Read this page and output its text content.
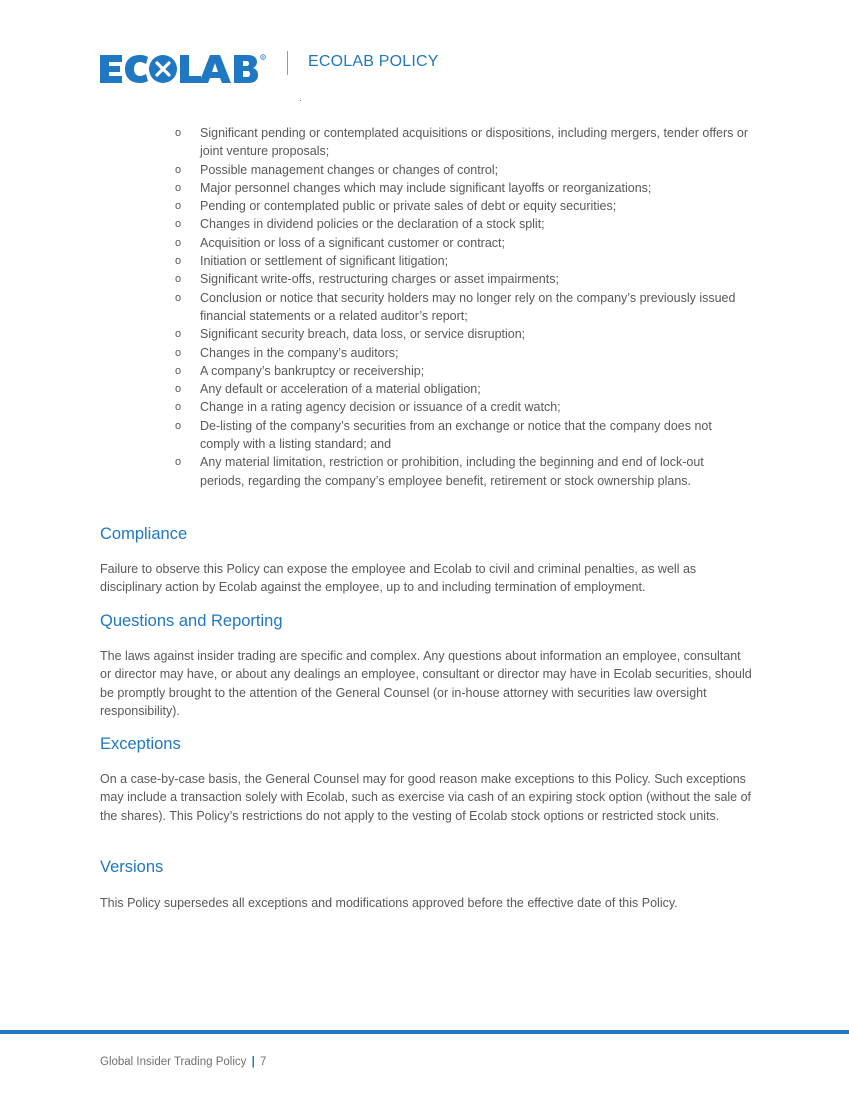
R	ECOLAB POLICY
o Significant pending or contemplated acquisitions or dispositions, including mergers, tender offers or joint venture proposals;
o Possible management changes or changes of control;
o Major personnel changes which may include significant layoffs or reorganizations;
o Pending or contemplated public or private sales of debt or equity securities;
o Changes in dividend policies or the declaration of a stock split;
o Acquisition or loss of a significant customer or contract;
o Initiation or settlement of significant litigation;
o Significant write-offs, restructuring charges or asset impairments;
o Conclusion or notice that security holders may no longer rely on the company’s previously issued financial statements or a related auditor’s report;
o Significant security breach, data loss, or service disruption;
o Changes in the company’s auditors;
o A company’s bankruptcy or receivership;
o Any default or acceleration of a material obligation;
o Change in a rating agency decision or issuance of a credit watch;
o De-listing of the company’s securities from an exchange or notice that the company does not comply with a listing standard; and
o Any material limitation, restriction or prohibition, including the beginning and end of lock-out periods, regarding the company’s employee benefit, retirement or stock ownership plans.
Compliance

Failure to observe this Policy can expose the employee and Ecolab to civil and criminal penalties, as well as disciplinary action by Ecolab against the employee, up to and including termination of employment.

Questions and Reporting

The laws against insider trading are specific and complex. Any questions about information an employee, consultant or director may have, or about any dealings an employee, consultant or director may have in Ecolab securities, should be promptly brought to the attention of the General Counsel (or in-house attorney with securities law oversight responsibility).

Exceptions

On a case-by-case basis, the General Counsel may for good reason make exceptions to this Policy. Such exceptions may include a transaction solely with Ecolab, such as exercise via cash of an expiring stock option (without the sale of the shares). This Policy’s restrictions do not apply to the vesting of Ecolab stock options or restricted stock units.

Versions

This Policy supersedes all exceptions and modifications approved before the effective date of this Policy.

Global Insider Trading Policy | 7
